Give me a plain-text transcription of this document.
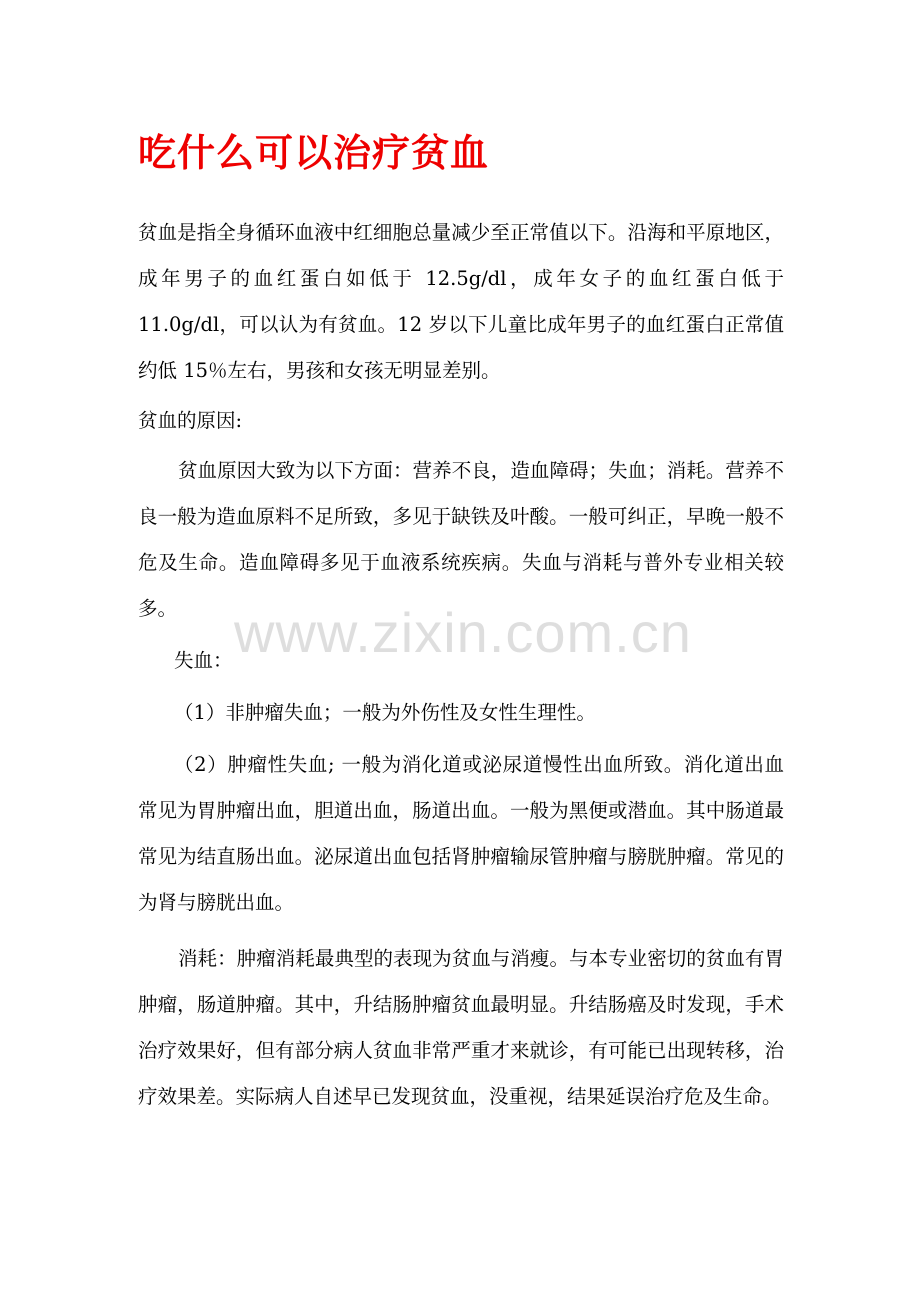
吃什么可以治疗贫血

贫血是指全身循环血液中红细胞总量减少至正常值以下。沿海和平原地区，成年男子的血红蛋白如低于 12.5g/dl，成年女子的血红蛋白低于 11.0g/dl，可以认为有贫血。12 岁以下儿童比成年男子的血红蛋白正常值约低 15％左右，男孩和女孩无明显差别。

贫血的原因:

贫血原因大致为以下方面：营养不良，造血障碍；失血；消耗。营养不良一般为造血原料不足所致，多见于缺铁及叶酸。一般可纠正，早晚一般不危及生命。造血障碍多见于血液系统疾病。失血与消耗与普外专业相关较多。

失血：

（1）非肿瘤失血；一般为外伤性及女性生理性。

（2）肿瘤性失血; 一般为消化道或泌尿道慢性出血所致。消化道出血常见为胃肿瘤出血，胆道出血，肠道出血。一般为黑便或潜血。其中肠道最常见为结直肠出血。泌尿道出血包括肾肿瘤输尿管肿瘤与膀胱肿瘤。常见的为肾与膀胱出血。

消耗：肿瘤消耗最典型的表现为贫血与消瘦。与本专业密切的贫血有胃肿瘤，肠道肿瘤。其中，升结肠肿瘤贫血最明显。升结肠癌及时发现，手术治疗效果好，但有部分病人贫血非常严重才来就诊，有可能已出现转移，治疗效果差。实际病人自述早已发现贫血，没重视，结果延误治疗危及生命。

www.zixin.com.cn
